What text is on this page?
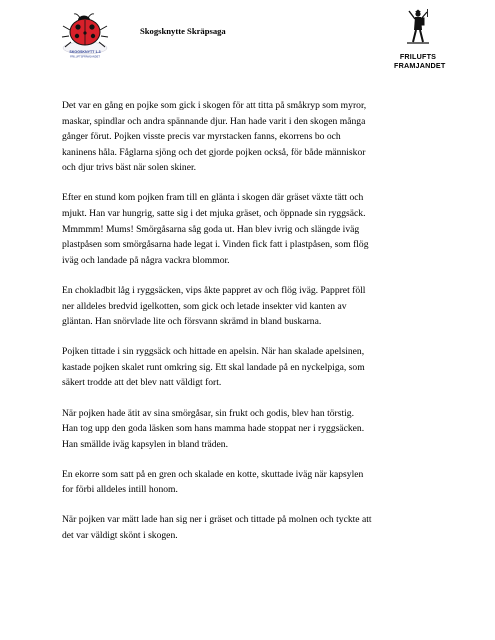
SKOGSKNYTT 1-3
FRILUFTSFRÄMJANDET
Skogsknytte Skräpsaga
FRILUFTS
FRAMJANDET

Det var en gång en pojke som gick i skogen för att titta på småkryp som myror,
maskar, spindlar och andra spännande djur. Han hade varit i den skogen många
gånger förut. Pojken visste precis var myrstacken fanns, ekorrens bo och
kaninens håla. Fåglarna sjöng och det gjorde pojken också, för både människor
och djur trivs bäst när solen skiner.

Efter en stund kom pojken fram till en glänta i skogen där gräset växte tätt och
mjukt. Han var hungrig, satte sig i det mjuka gräset, och öppnade sin ryggsäck.
Mmmmm! Mums! Smörgåsarna såg goda ut. Han blev ivrig och slängde iväg
plastpåsen som smörgåsarna hade legat i. Vinden fick fatt i plastpåsen, som flög
iväg och landade på några vackra blommor.

En chokladbit låg i ryggsäcken, vips åkte pappret av och flög iväg. Pappret föll
ner alldeles bredvid igelkotten, som gick och letade insekter vid kanten av
gläntan. Han snörvlade lite och försvann skrämd in bland buskarna.

Pojken tittade i sin ryggsäck och hittade en apelsin. När han skalade apelsinen,
kastade pojken skalet runt omkring sig. Ett skal landade på en nyckelpiga, som
säkert trodde att det blev natt väldigt fort.

När pojken hade ätit av sina smörgåsar, sin frukt och godis, blev han törstig.
Han tog upp den goda läsken som hans mamma hade stoppat ner i ryggsäcken.
Han smällde iväg kapsylen in bland träden.

En ekorre som satt på en gren och skalade en kotte, skuttade iväg när kapsylen
for förbi alldeles intill honom.

När pojken var mätt lade han sig ner i gräset och tittade på molnen och tyckte att
det var väldigt skönt i skogen.
